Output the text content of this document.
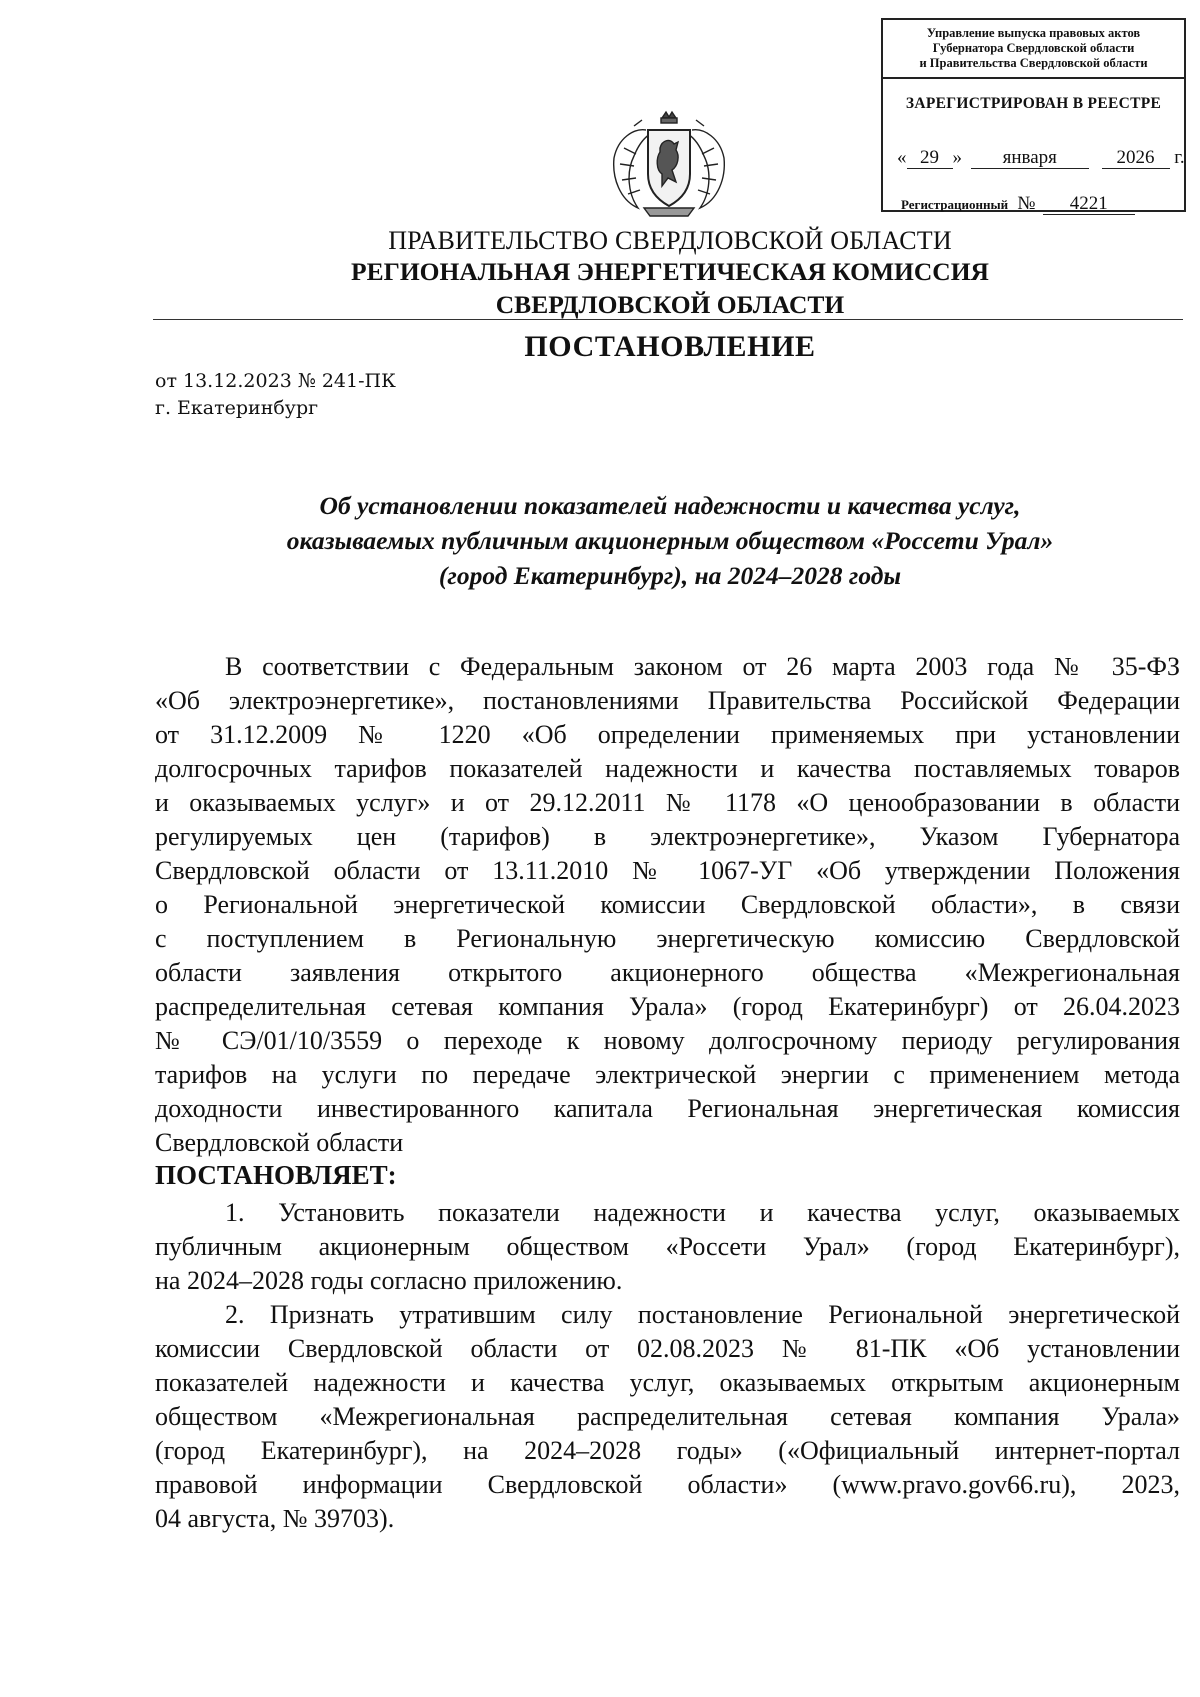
Управление выпуска правовых актов
Губернатора Свердловской области
и Правительства Свердловской области
ЗАРЕГИСТРИРОВАН В РЕЕСТРЕ
« 29 » января	2026 г.
Регистрационный № 4221
ПРАВИТЕЛЬСТВО СВЕРДЛОВСКОЙ ОБЛАСТИ
РЕГИОНАЛЬНАЯ ЭНЕРГЕТИЧЕСКАЯ КОМИССИЯ
СВЕРДЛОВСКОЙ ОБЛАСТИ
ПОСТАНОВЛЕНИЕ
от 13.12.2023 № 241-ПК
г. Екатеринбург
Об установлении показателей надежности и качества услуг,
оказываемых публичным акционерным обществом «Россети Урал»
(город Екатеринбург), на 2024–2028 годы
В соответствии с Федеральным законом от 26 марта 2003 года № 35-ФЗ
«Об электроэнергетике», постановлениями Правительства Российской Федерации
от 31.12.2009 № 1220 «Об определении применяемых при установлении
долгосрочных тарифов показателей надежности и качества поставляемых товаров
и оказываемых услуг» и от 29.12.2011 № 1178 «О ценообразовании в области
регулируемых цен (тарифов) в электроэнергетике», Указом Губернатора
Свердловской области от 13.11.2010 № 1067-УГ «Об утверждении Положения
о Региональной энергетической комиссии Свердловской области», в связи
с поступлением в Региональную энергетическую комиссию Свердловской
области заявления открытого акционерного общества «Межрегиональная
распределительная сетевая компания Урала» (город Екатеринбург) от 26.04.2023
№ СЭ/01/10/3559 о переходе к новому долгосрочному периоду регулирования
тарифов на услуги по передаче электрической энергии с применением метода
доходности инвестированного капитала Региональная энергетическая комиссия
Свердловской области
ПОСТАНОВЛЯЕТ:
1. Установить показатели надежности и качества услуг, оказываемых
публичным акционерным обществом «Россети Урал» (город Екатеринбург),
на 2024–2028 годы согласно приложению.
2. Признать утратившим силу постановление Региональной энергетической
комиссии Свердловской области от 02.08.2023 № 81-ПК «Об установлении
показателей надежности и качества услуг, оказываемых открытым акционерным
обществом «Межрегиональная распределительная сетевая компания Урала»
(город Екатеринбург), на 2024–2028 годы» («Официальный интернет-портал
правовой информации Свердловской области» (www.pravo.gov66.ru), 2023,
04 августа, № 39703).
